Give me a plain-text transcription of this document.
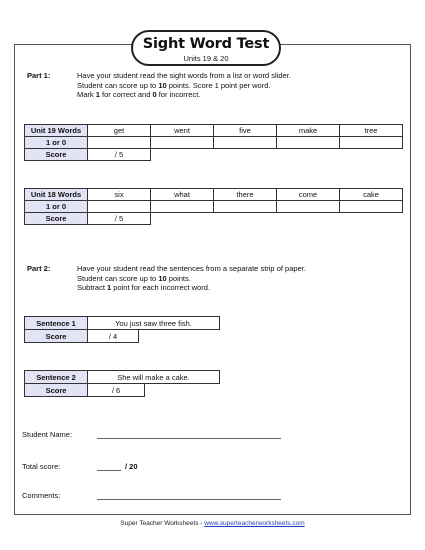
Sight Word Test
Units 19 & 20
Part 1:	Have your student read the sight words from a list or word slider.
Student can score up to 10 points. Score 1 point per word.
Mark 1 for correct and 0 for incorrect.
Unit 19 Words	get	went	five	make	tree
1 or 0					
Score	/ 5				
Unit 18 Words	six	what	there	come	cake
1 or 0					
Score	/ 5				
Part 2:	Have your student read the sentences from a separate strip of paper.
Student can score up to 10 points.
Subtract 1 point for each incorrect word.
Sentence 1	You just saw three fish.	
Score	/ 4	
Sentence 2	She will make a cake.	
Score	/ 6	
Student Name:
Total score:	/ 20
Comments:
Super Teacher Worksheets - www.superteacherworksheets.com
